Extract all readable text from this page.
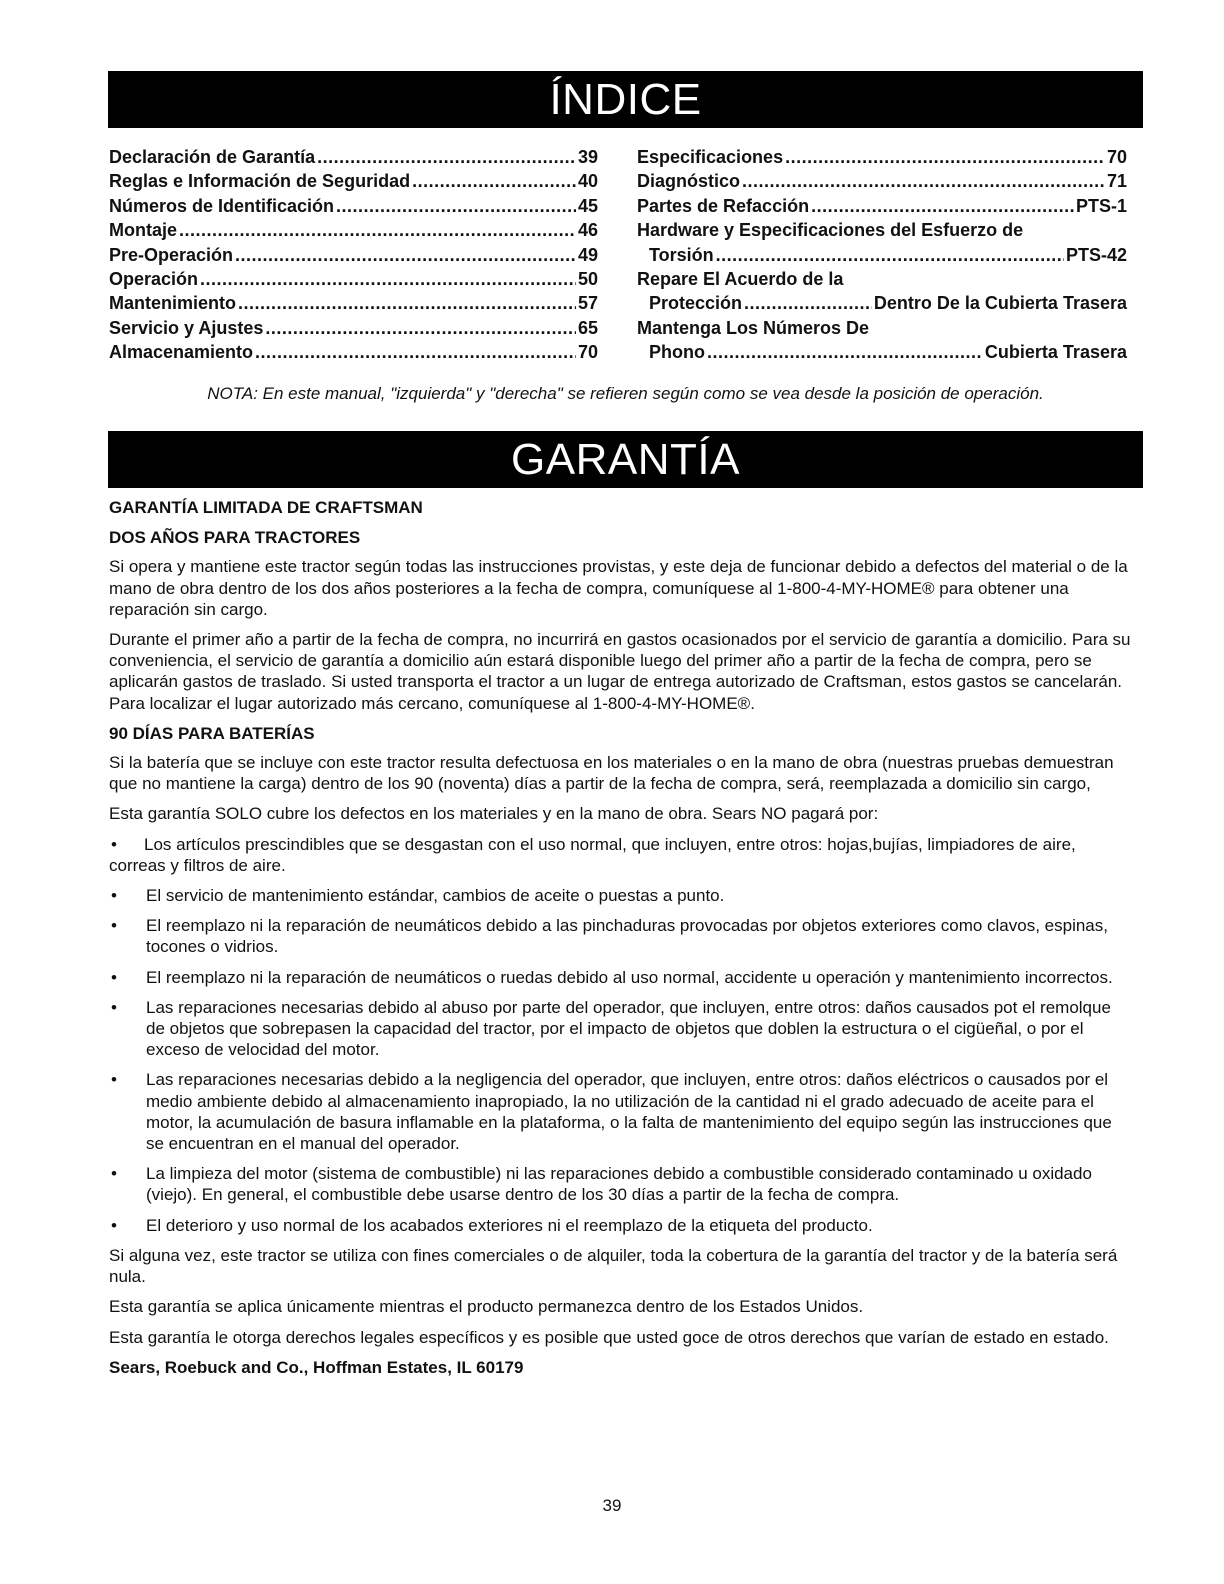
ÍNDICE
Declaración de Garantía .....	39
Reglas e Información de Seguridad .....	40
Números de Identificación .....	45
Montaje .....	46
Pre-Operación .....	49
Operación .....	50
Mantenimiento .....	57
Servicio y Ajustes .....	65
Almacenamiento .....	70
Especificaciones .....	70
Diagnóstico .....	71
Partes de Refacción .....	PTS-1
Hardware y Especificaciones del Esfuerzo de
Torsión .....	PTS-42
Repare El Acuerdo de la
Protección .....	Dentro De la Cubierta Trasera
Mantenga Los Números De
Phono .....	Cubierta Trasera
NOTA: En este manual, "izquierda" y "derecha" se refieren según como se vea desde la posición de operación.
GARANTÍA
GARANTÍA LIMITADA DE CRAFTSMAN
DOS AÑOS PARA TRACTORES
Si opera y mantiene este tractor según todas las instrucciones provistas, y este deja de funcionar debido a defectos del material o de la mano de obra dentro de los dos años posteriores a la fecha de compra, comuníquese al 1-800-4-MY-HOME® para obtener una reparación sin cargo.
Durante el primer año a partir de la fecha de compra, no incurrirá en gastos ocasionados por el servicio de garantía a domicilio. Para su conveniencia, el servicio de garantía a domicilio aún estará disponible luego del primer año a partir de la fecha de compra, pero se aplicarán gastos de traslado. Si usted transporta el tractor a un lugar de entrega autorizado de Craftsman, estos gastos se cancelarán. Para localizar el lugar autorizado más cercano, comuníquese al 1-800-4-MY-HOME®.
90 DÍAS PARA BATERÍAS
Si la batería que se incluye con este tractor resulta defectuosa en los materiales o en la mano de obra (nuestras pruebas demuestran que no mantiene la carga) dentro de los 90 (noventa) días a partir de la fecha de compra, será, reemplazada a domicilio sin cargo,
Esta garantía SOLO cubre los defectos en los materiales y en la mano de obra. Sears NO pagará por:
• Los artículos prescindibles que se desgastan con el uso normal, que incluyen, entre otros: hojas,bujías, limpiadores de aire, correas y filtros de aire.
•	El servicio de mantenimiento estándar, cambios de aceite o puestas a punto.
•	El reemplazo ni la reparación de neumáticos debido a las pinchaduras provocadas por objetos exteriores como clavos, espinas, tocones o vidrios.
•	El reemplazo ni la reparación de neumáticos o ruedas debido al uso normal, accidente u operación y mantenimiento incorrectos.
•	Las reparaciones necesarias debido al abuso por parte del operador, que incluyen, entre otros: daños causados pot el remolque de objetos que sobrepasen la capacidad del tractor, por el impacto de objetos que doblen la estructura o el cigüeñal, o por el exceso de velocidad del motor.
•	Las reparaciones necesarias debido a la negligencia del operador, que incluyen, entre otros: daños eléctricos o causados por el medio ambiente debido al almacenamiento inapropiado, la no utilización de la cantidad ni el grado adecuado de aceite para el motor, la acumulación de basura inflamable en la plataforma, o la falta de mantenimiento del equipo según las instrucciones que se encuentran en el manual del operador.
•	La limpieza del motor (sistema de combustible) ni las reparaciones debido a combustible considerado contaminado u oxidado (viejo). En general, el combustible debe usarse dentro de los 30 días a partir de la fecha de compra.
•	El deterioro y uso normal de los acabados exteriores ni el reemplazo de la etiqueta del producto.
Si alguna vez, este tractor se utiliza con fines comerciales o de alquiler, toda la cobertura de la garantía del tractor y de la batería será nula.
Esta garantía se aplica únicamente mientras el producto permanezca dentro de los Estados Unidos.
Esta garantía le otorga derechos legales específicos y es posible que usted goce de otros derechos que varían de estado en estado.
Sears, Roebuck and Co., Hoffman Estates, IL 60179
39
